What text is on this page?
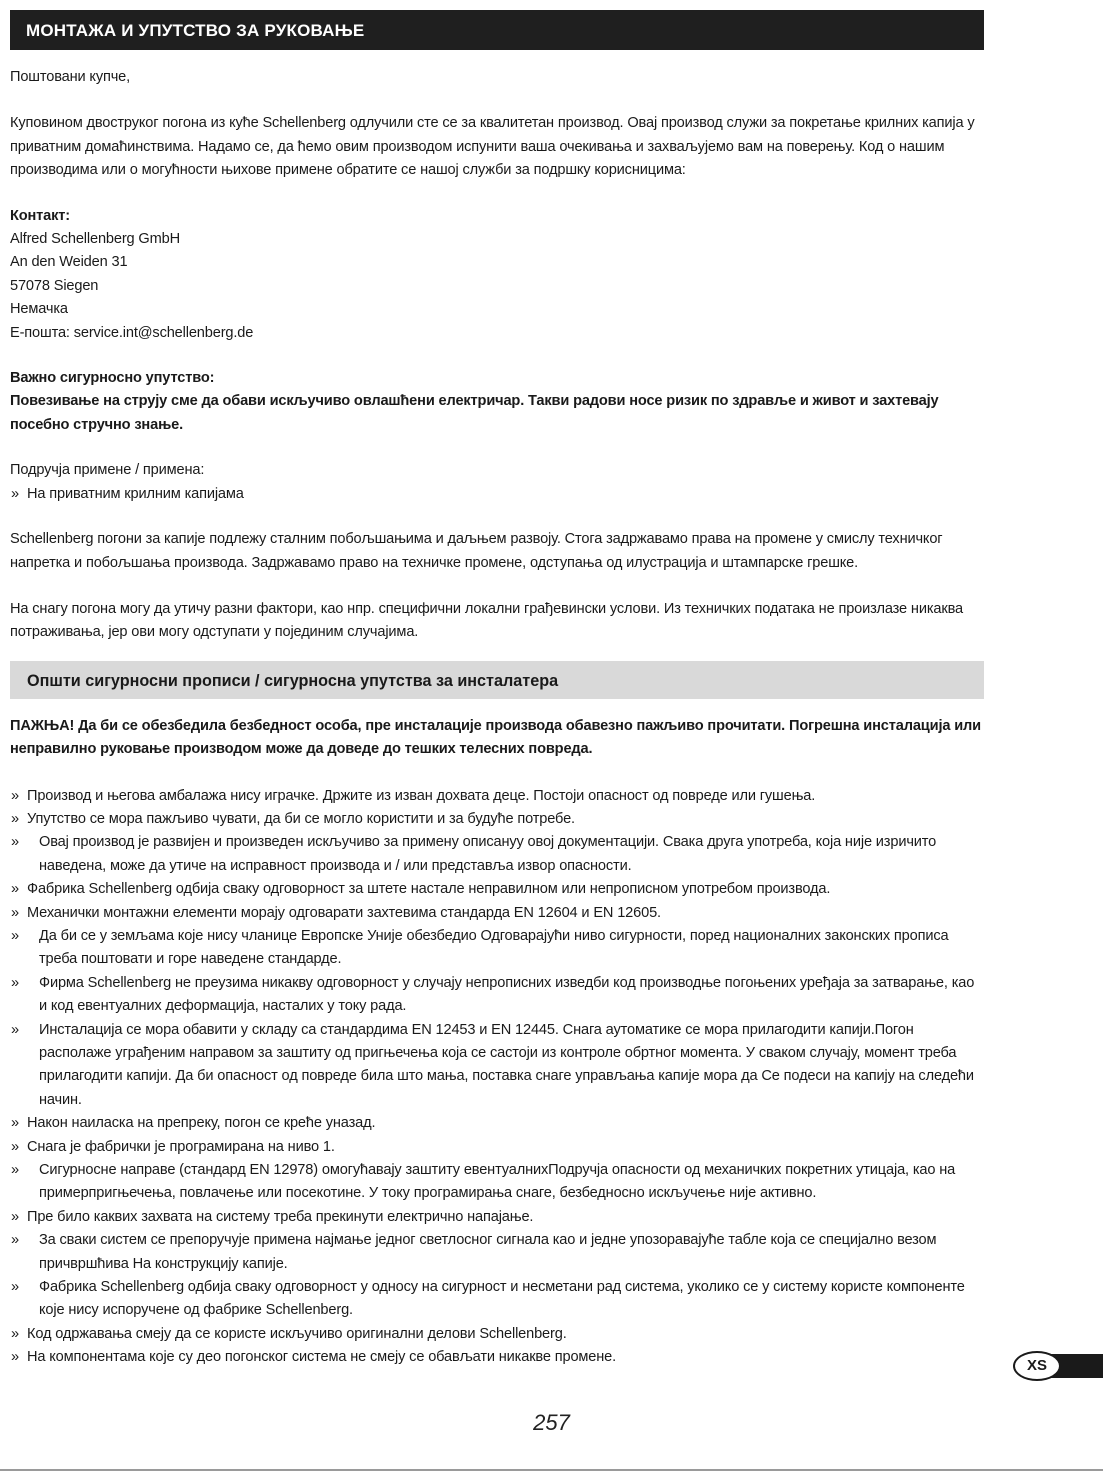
МОНТАЖА И УПУТСТВО ЗА РУКОВАЊЕ

Поштовани купче,

Куповином двоструког погона из куће Schellenberg одлучили сте се за квалитетан производ. Овај производ служи за покретање крилних капија у приватним домаћинствима. Надамо се, да ћемо овим производом испунити ваша очекивања и захваљујемо вам на поверењу. Код о нашим производима или о могућности њихове примене обратите се нашој служби за подршку корисницима:

Контакт:

Alfred Schellenberg GmbH

An den Weiden 31

57078 Siegen

Немачка

Е-пошта: service.int@schellenberg.de

Важно сигурносно упутство:

Повезивање на струју сме да обави искључиво овлашћени електричар. Такви радови носе ризик по здравље и живот и захтевају посебно стручно знање.

Подручја примене / примена:

» На приватним крилним капијама

Schellenberg погони за капије подлежу сталним побољшањима и даљњем развоју. Стога задржавамо права на промене у смислу техничког напретка и побољшања производа. Задржавамо право на техничке промене, одступања од илустрација и штампарске грешке.

На снагу погона могу да утичу разни фактори, као нпр. специфични локални грађевински услови. Из техничких података не произлазе никаква потраживања, јер ови могу одступати у појединим случајима.

Општи сигурносни прописи / сигурносна упутства за инсталатера

ПАЖЊА! Да би се обезбедила безбедност особа, пре инсталације производа обавезно пажљиво прочитати. Погрешна инсталација или неправилно руковање производом може да доведе до тешких телесних повреда.

» Производ и његова амбалажа нису играчке. Држите из изван дохвата деце. Постоји опасност од повреде или гушења.
» Упутство се мора пажљиво чувати, да би се могло користити и за будуће потребе.
» Овај производ је развијен и произведен искључиво за примену описануу овој документацији. Свака друга употреба, која није изричито наведена, може да утиче на исправност производа и / или представља извор опасности.
» Фабрика Schellenberg одбија сваку одговорност за штете настале неправилном или непрописном употребом производа.
» Механички монтажни елементи морају одговарати захтевима стандарда EN 12604 и EN 12605.
» Да би се у земљама које нису чланице Европске Уније обезбедио Одговарајући ниво сигурности, поред националних законских прописа треба поштовати и горе наведене стандарде.
» Фирма Schellenberg не преузима никакву одговорност у случају непрописних изведби код производње погоњених уређаја за затварање, као и код евентуалних деформација, насталих у току рада.
» Инсталација се мора обавити у складу са стандардима EN 12453 и EN 12445. Снага аутоматике се мора прилагодити капији.Погон располаже уграђеним направом за заштиту од пригњечења која се састоји из контроле обртног момента. У сваком случају, момент треба прилагодити капији. Да би опасност од повреде била што мања, поставка снаге управљања капије мора да Се подеси на капију на следећи начин.
» Након наиласка на препреку, погон се креће уназад.
» Снага је фабрички је програмирана на ниво 1.
» Сигурносне направе (стандард EN 12978) омогућавају заштиту евентуалнихПодручја опасности од механичких покретних утицаја, као на примерпригњечења, повлачење или посекотине. У току програмирања снаге, безбедносно искључење није активно.
» Пре било каквих захвата на систему треба прекинути електрично напајање.
» За сваки систем се препоручује примена најмање једног светлосног сигнала као и једне упозоравајуће табле која се специјално везом причвршћива На конструкцију капије.
» Фабрика Schellenberg одбија сваку одговорност у односу на сигурност и несметани рад система, уколико се у систему користе компоненте које нису испоручене од фабрике Schellenberg.
» Код одржавања смеју да се користе искључиво оригинални делови Schellenberg.
» На компонентама које су део погонског система не смеју се обављати никакве промене.	XS
257
